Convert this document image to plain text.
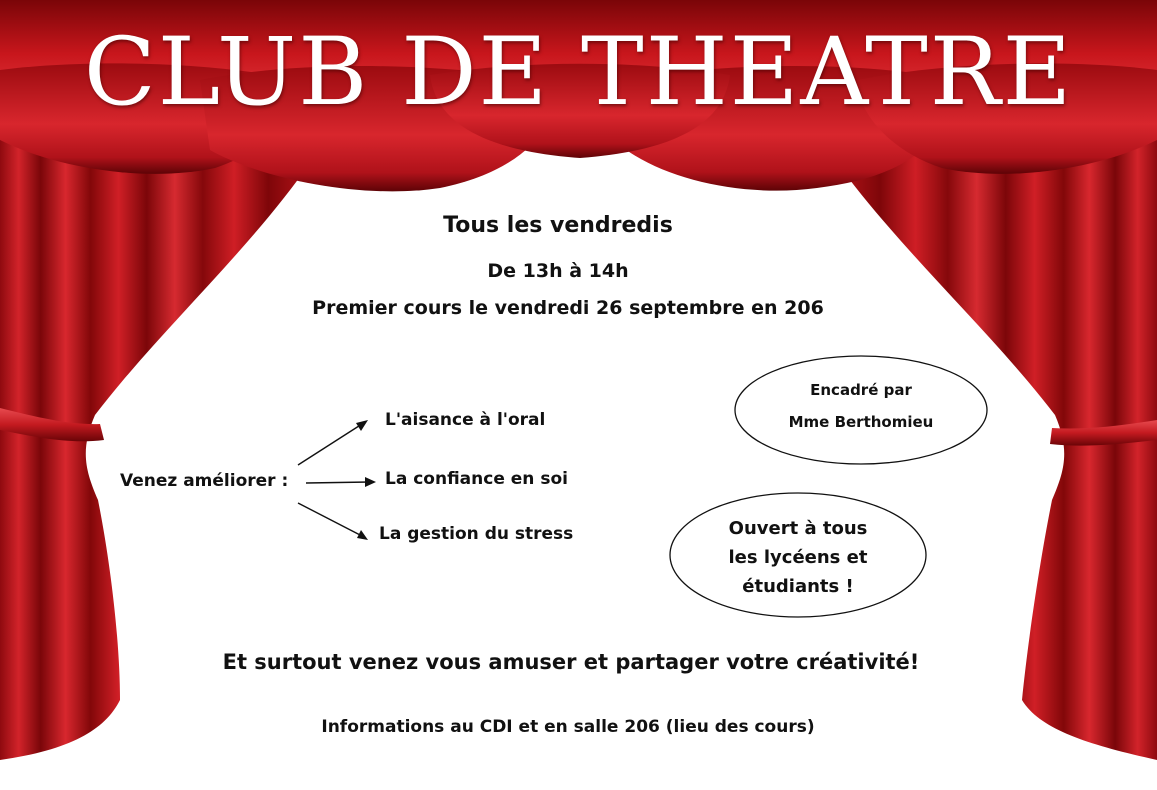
CLUB DE THEATRE
Tous les vendredis
De 13h à 14h
Premier cours le vendredi 26 septembre en 206
Venez améliorer :
L'aisance à l'oral
La confiance en soi
La gestion du stress
Encadré par
Mme Berthomieu
Ouvert à tous
les lycéens et
étudiants !
Et surtout venez vous amuser et partager votre créativité!
Informations au CDI et en salle 206 (lieu des cours)
